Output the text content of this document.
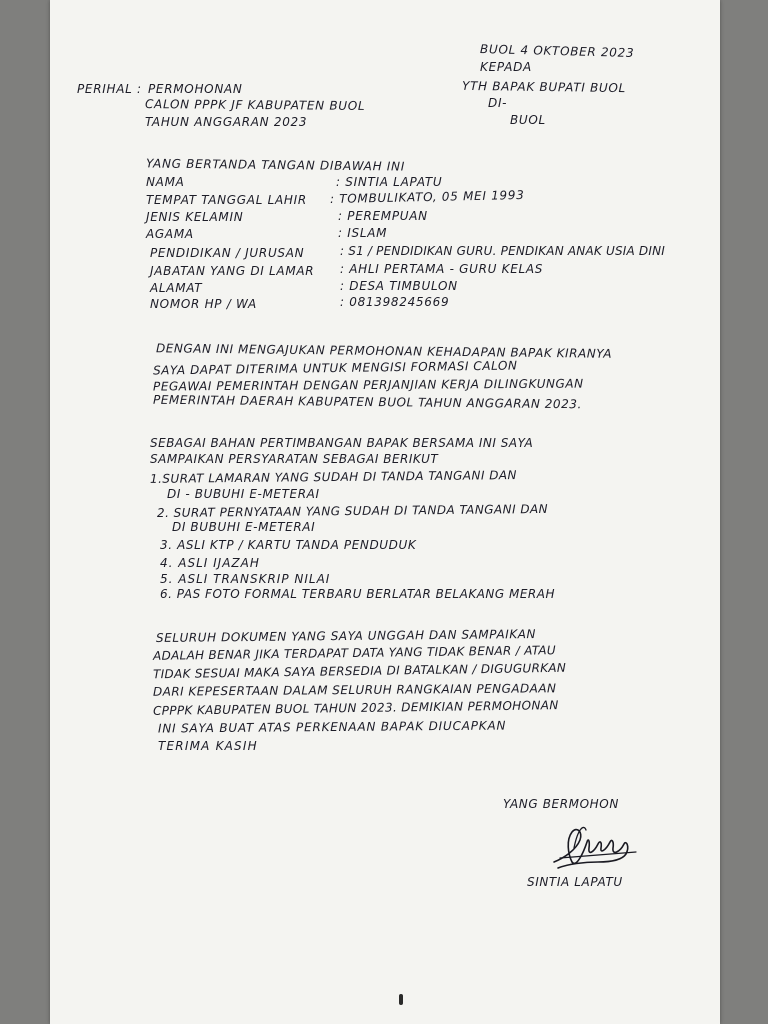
BUOL 4 OKTOBER 2023
KEPADA
YTH BAPAK BUPATI BUOL
DI-
BUOL
PERIHAL : PERMOHONAN
CALON PPPK JF KABUPATEN BUOL
TAHUN ANGGARAN 2023
YANG BERTANDA TANGAN DIBAWAH INI
NAMA	: SINTIA LAPATU
TEMPAT TANGGAL LAHIR	: TOMBULIKATO, 05 MEI 1993
JENIS KELAMIN	: PEREMPUAN
AGAMA	: ISLAM
PENDIDIKAN / JURUSAN	: S1 / PENDIDIKAN GURU. PENDIKAN ANAK USIA DINI
JABATAN YANG DI LAMAR	: AHLI PERTAMA - GURU KELAS
ALAMAT	: DESA TIMBULON
NOMOR HP / WA	: 081398245669
DENGAN INI MENGAJUKAN PERMOHONAN KEHADAPAN BAPAK KIRANYA
SAYA DAPAT DITERIMA UNTUK MENGISI FORMASI CALON
PEGAWAI PEMERINTAH DENGAN PERJANJIAN KERJA DILINGKUNGAN
PEMERINTAH DAERAH KABUPATEN BUOL TAHUN ANGGARAN 2023.
SEBAGAI BAHAN PERTIMBANGAN BAPAK BERSAMA INI SAYA
SAMPAIKAN PERSYARATAN SEBAGAI BERIKUT
1.SURAT LAMARAN YANG SUDAH DI TANDA TANGANI DAN
DI - BUBUHI E-METERAI
2. SURAT PERNYATAAN YANG SUDAH DI TANDA TANGANI DAN
DI BUBUHI E-METERAI
3. ASLI KTP / KARTU TANDA PENDUDUK
4. ASLI IJAZAH
5. ASLI TRANSKRIP NILAI
6. PAS FOTO FORMAL TERBARU BERLATAR BELAKANG MERAH
SELURUH DOKUMEN YANG SAYA UNGGAH DAN SAMPAIKAN
ADALAH BENAR JIKA TERDAPAT DATA YANG TIDAK BENAR / ATAU
TIDAK SESUAI MAKA SAYA BERSEDIA DI BATALKAN / DIGUGURKAN
DARI KEPESERTAAN DALAM SELURUH RANGKAIAN PENGADAAN
CPPPK KABUPATEN BUOL TAHUN 2023. DEMIKIAN PERMOHONAN
INI SAYA BUAT ATAS PERKENAAN BAPAK DIUCAPKAN
TERIMA KASIH
YANG BERMOHON
SINTIA LAPATU
